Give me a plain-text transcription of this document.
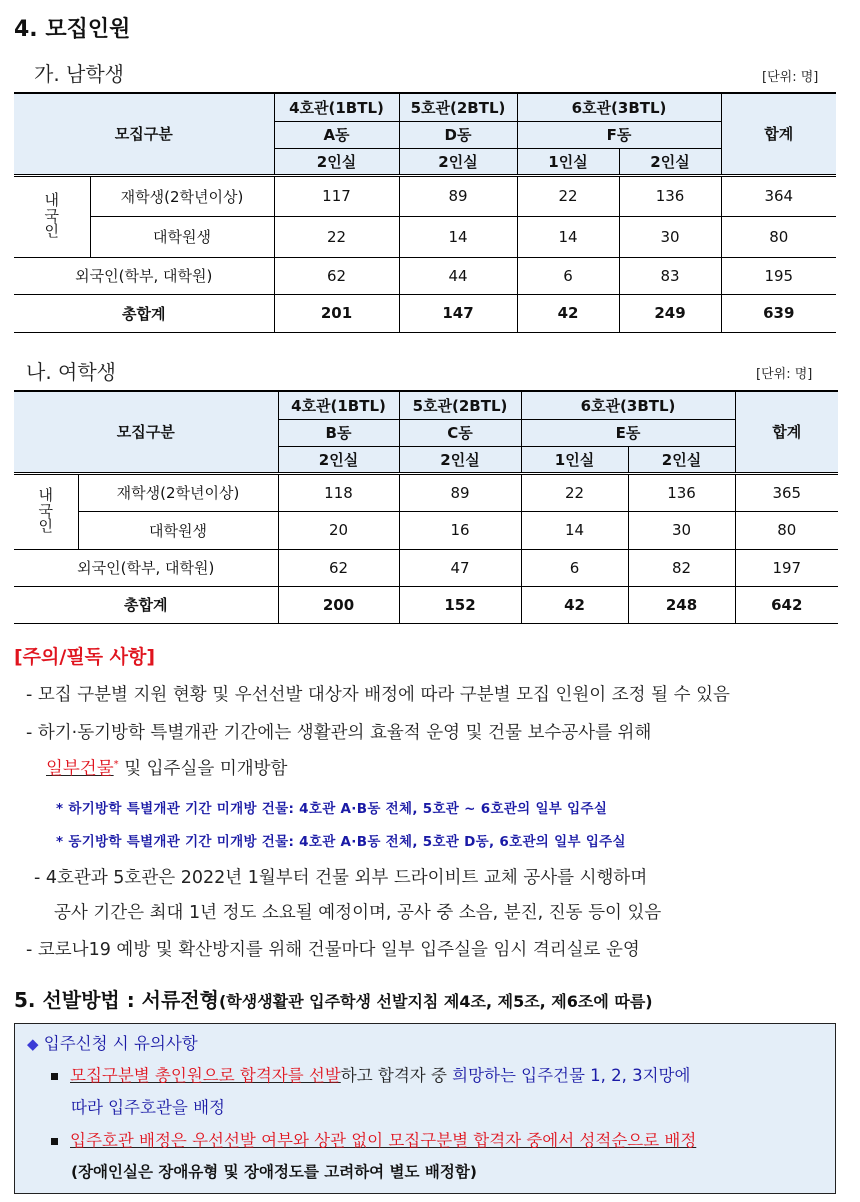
4. 모집인원
가. 남학생	[단위: 명]
모집구분		4호관(1BTL)	5호관(2BTL)	6호관(3BTL)		합계
		A동	D동	F동		
		2인실	2인실	1인실	2인실	

내
국
인	재학생(2학년이상)	117	89	22	136	364
	대학원생	22	14	14	30	80
외국인(학부, 대학원)		62	44	6	83	195
총합계		201	147	42	249	639
나. 여학생	[단위: 명]
모집구분		4호관(1BTL)	5호관(2BTL)	6호관(3BTL)		합계
		B동	C동	E동		
		2인실	2인실	1인실	2인실	

내
국
인	재학생(2학년이상)	118	89	22	136	365
	대학원생	20	16	14	30	80
외국인(학부, 대학원)		62	47	6	82	197
총합계		200	152	42	248	642
[주의/필독 사항]
- 모집 구분별 지원 현황 및 우선선발 대상자 배정에 따라 구분별 모집 인원이 조정 될 수 있음
- 하기·동기방학 특별개관 기간에는 생활관의 효율적 운영 및 건물 보수공사를 위해
일부건물* 및 입주실을 미개방함
* 하기방학 특별개관 기간 미개방 건물: 4호관 A·B동 전체, 5호관 ~ 6호관의 일부 입주실
* 동기방학 특별개관 기간 미개방 건물: 4호관 A·B동 전체, 5호관 D동, 6호관의 일부 입주실
- 4호관과 5호관은 2022년 1월부터 건물 외부 드라이비트 교체 공사를 시행하며
공사 기간은 최대 1년 정도 소요될 예정이며, 공사 중 소음, 분진, 진동 등이 있음
- 코로나19 예방 및 확산방지를 위해 건물마다 일부 입주실을 임시 격리실로 운영
5. 선발방법 : 서류전형(학생생활관 입주학생 선발지침 제4조, 제5조, 제6조에 따름)
◆ 입주신청 시 유의사항
모집구분별 총인원으로 합격자를 선발하고 합격자 중 희망하는 입주건물 1, 2, 3지망에
따라 입주호관을 배정
입주호관 배정은 우선선발 여부와 상관 없이 모집구분별 합격자 중에서 성적순으로 배정
(장애인실은 장애유형 및 장애정도를 고려하여 별도 배정함)
